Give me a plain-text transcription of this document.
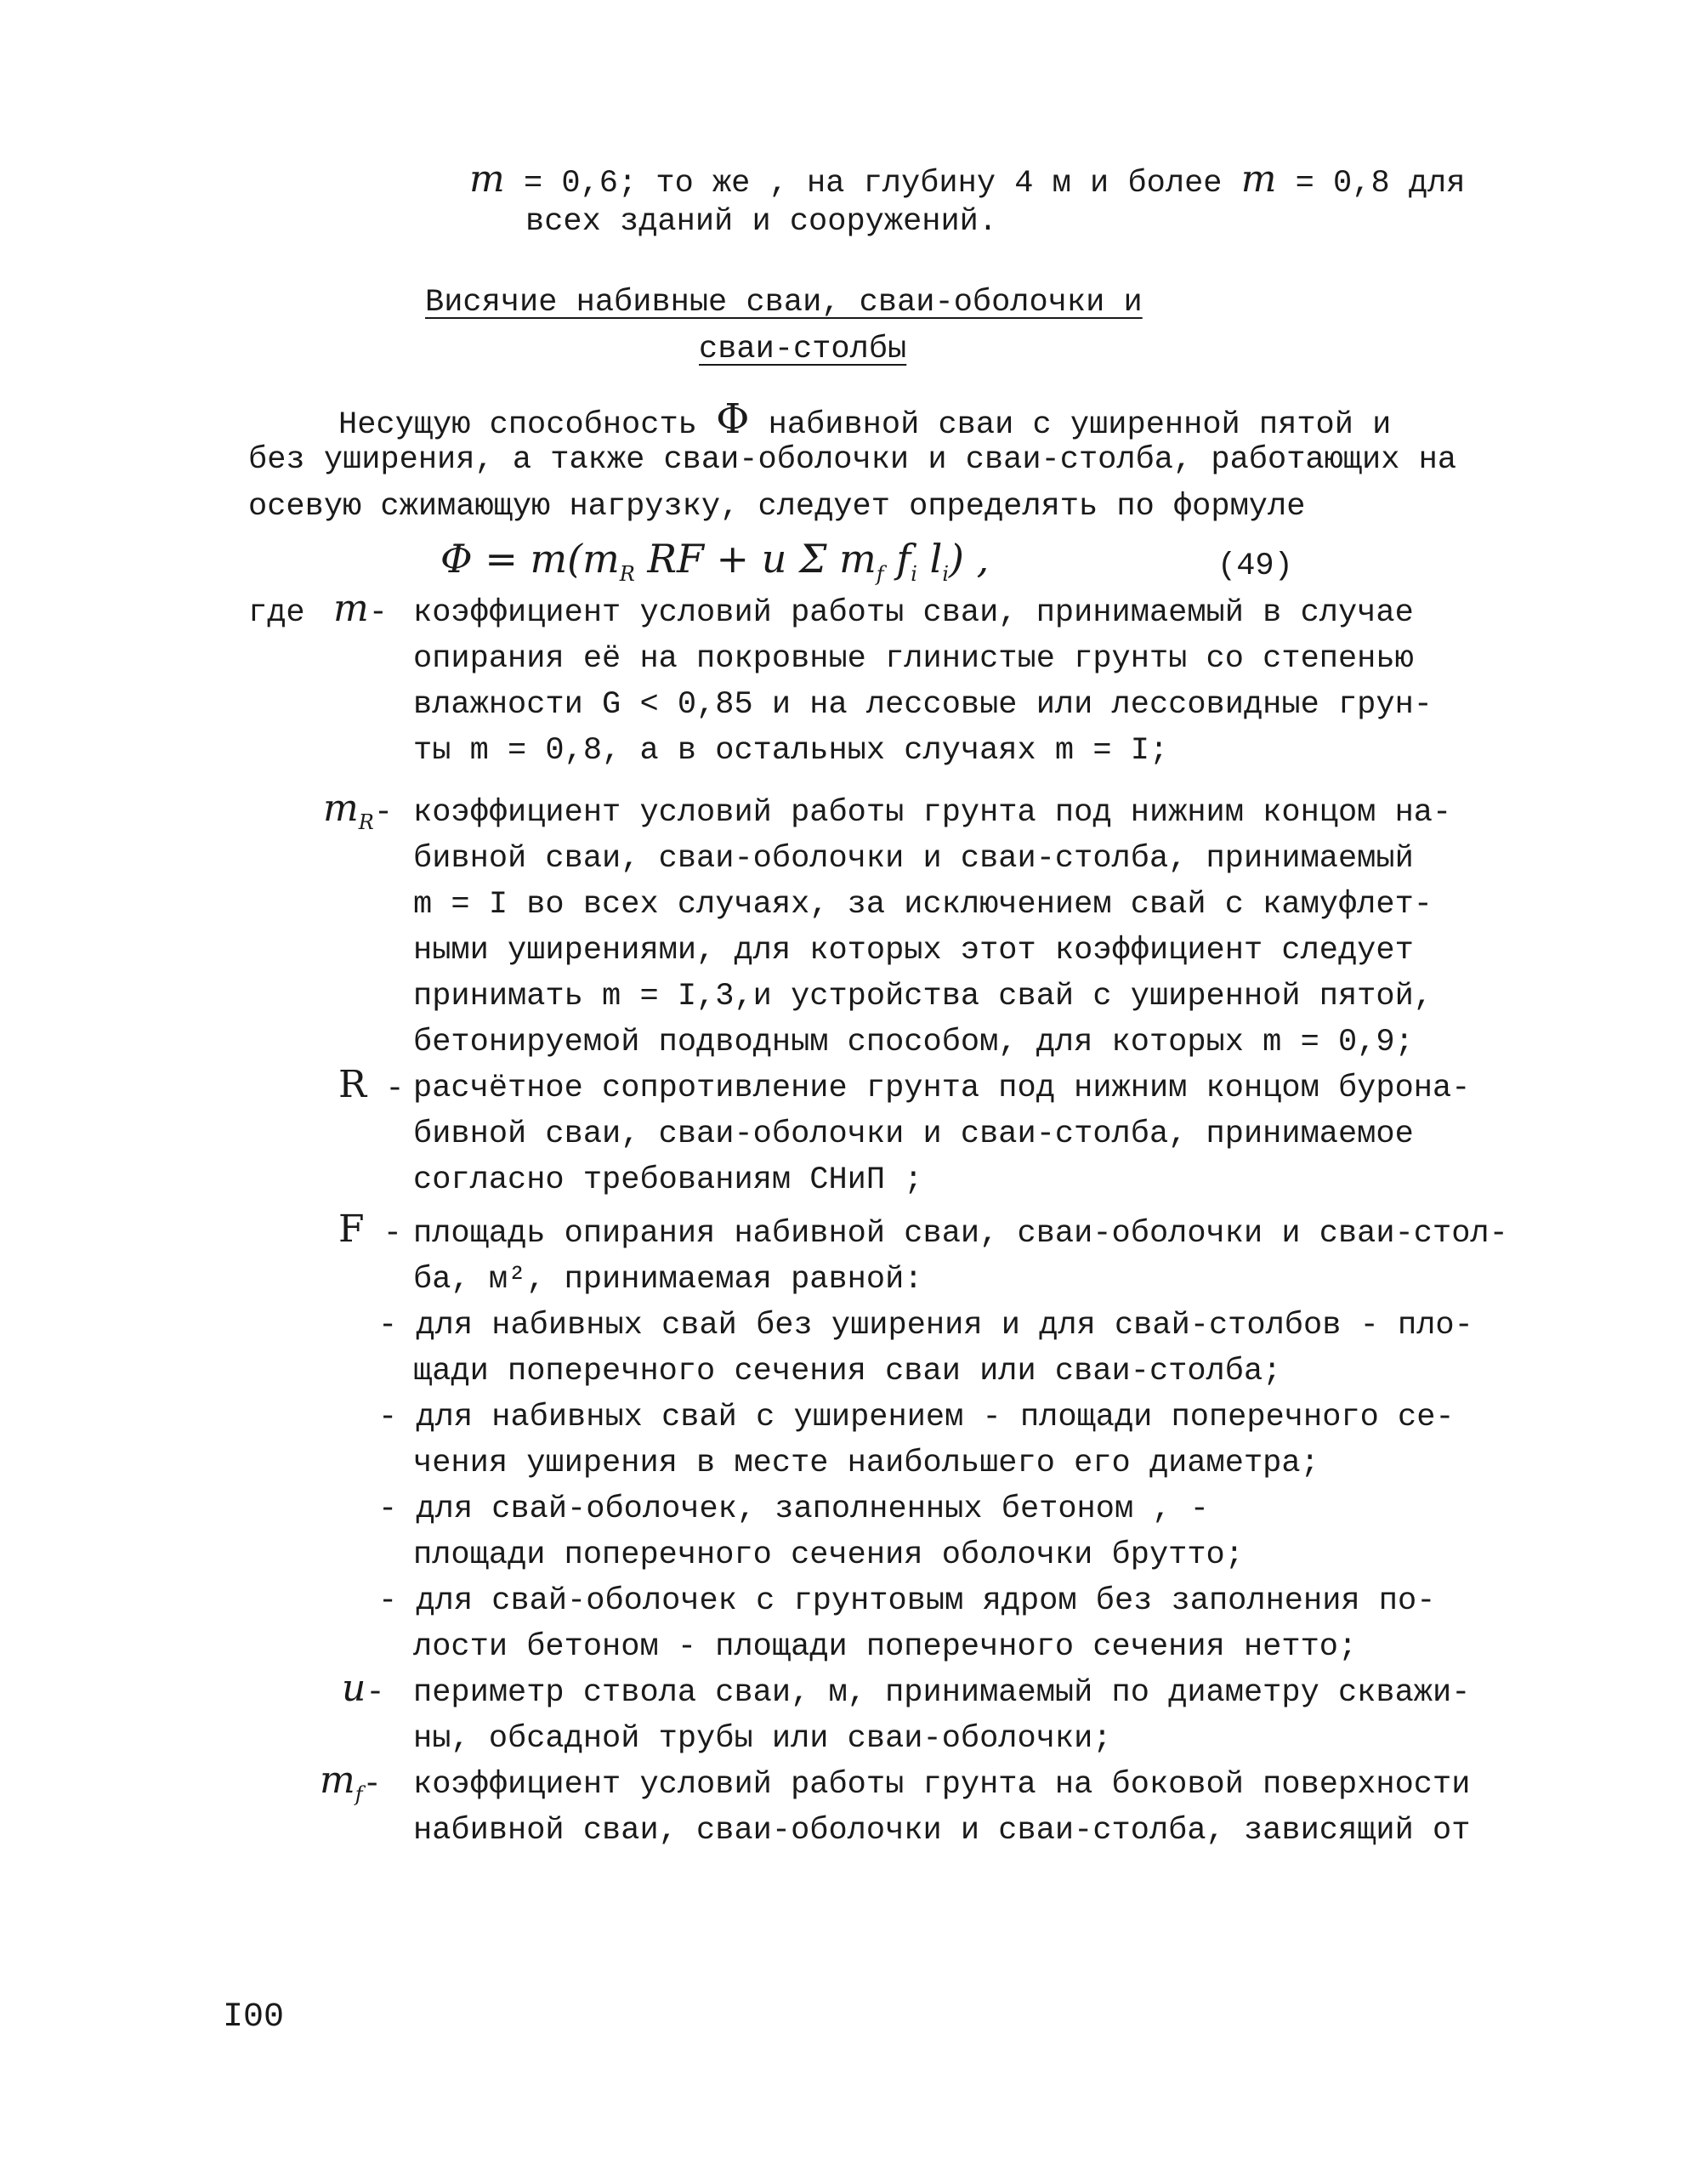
m = 0,6; то же , на глубину 4 м и более m = 0,8 для
всех зданий и сооружений.
Висячие набивные сваи, сваи-оболочки и
сваи-столбы
Несущую способность Φ набивной сваи с уширенной пятой и
без уширения, а также сваи-оболочки и сваи-столба, работающих на
осевую сжимающую нагрузку, следует определять по формуле
$\Phi = m(m_R$ RF + u Σ $m_f$ $f_i$ $l_i$) ,	(49)
где m- коэффициент условий работы сваи, принимаемый в случае
опирания её на покровные глинистые грунты со степенью
влажности G < 0,85 и на лессовые или лессовидные грун-
ты m = 0,8, а в остальных случаях m = I;
$m_R-$ коэффициент условий работы грунта под нижним концом на-
бивной сваи, сваи-оболочки и сваи-столба, принимаемый
m = I во всех случаях, за исключением свай с камуфлет-
ными уширениями, для которых этот коэффициент следует
принимать m = I,3,и устройства свай с уширенной пятой,
бетонируемой подводным способом, для которых m = 0,9;
R - расчётное сопротивление грунта под нижним концом бурона-
бивной сваи, сваи-оболочки и сваи-столба, принимаемое
согласно требованиям СНиП ;
F - площадь опирания набивной сваи, сваи-оболочки и сваи-стол-
ба, м², принимаемая равной:
- для набивных свай без уширения и для свай-столбов - пло-
щади поперечного сечения сваи или сваи-столба;
- для набивных свай с уширением - площади поперечного се-
чения уширения в месте наибольшего его диаметра;
- для свай-оболочек, заполненных бетоном , -
площади поперечного сечения оболочки брутто;
- для свай-оболочек с грунтовым ядром без заполнения по-
лости бетоном - площади поперечного сечения нетто;
u- периметр ствола сваи, м, принимаемый по диаметру скважи-
ны, обсадной трубы или сваи-оболочки;
$m_f-$ коэффициент условий работы грунта на боковой поверхности
набивной сваи, сваи-оболочки и сваи-столба, зависящий от
I00
